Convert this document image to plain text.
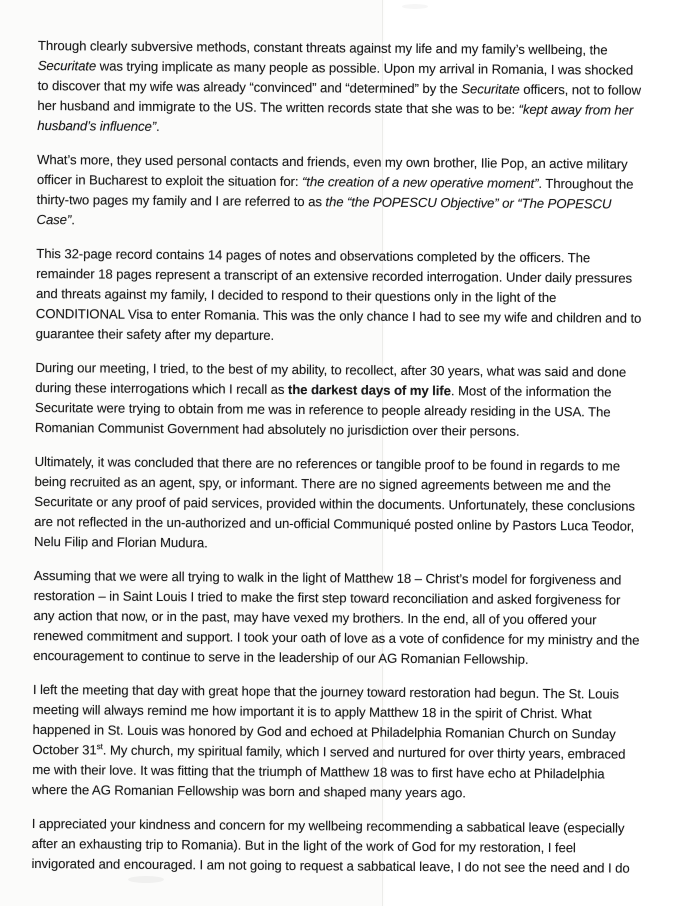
Through clearly subversive methods, constant threats against my life and my family’s wellbeing, the Securitate was trying implicate as many people as possible. Upon my arrival in Romania, I was shocked to discover that my wife was already “convinced” and “determined” by the Securitate officers, not to follow her husband and immigrate to the US. The written records state that she was to be: “kept away from her husband’s influence”.

What’s more, they used personal contacts and friends, even my own brother, Ilie Pop, an active military officer in Bucharest to exploit the situation for: “the creation of a new operative moment”. Throughout the thirty-two pages my family and I are referred to as the “the POPESCU Objective” or “The POPESCU Case”.

This 32-page record contains 14 pages of notes and observations completed by the officers. The remainder 18 pages represent a transcript of an extensive recorded interrogation. Under daily pressures and threats against my family, I decided to respond to their questions only in the light of the CONDITIONAL Visa to enter Romania. This was the only chance I had to see my wife and children and to guarantee their safety after my departure.

During our meeting, I tried, to the best of my ability, to recollect, after 30 years, what was said and done during these interrogations which I recall as the darkest days of my life. Most of the information the Securitate were trying to obtain from me was in reference to people already residing in the USA. The Romanian Communist Government had absolutely no jurisdiction over their persons.

Ultimately, it was concluded that there are no references or tangible proof to be found in regards to me being recruited as an agent, spy, or informant. There are no signed agreements between me and the Securitate or any proof of paid services, provided within the documents. Unfortunately, these conclusions are not reflected in the un-authorized and un-official Communiqué posted online by Pastors Luca Teodor, Nelu Filip and Florian Mudura.

Assuming that we were all trying to walk in the light of Matthew 18 – Christ’s model for forgiveness and restoration – in Saint Louis I tried to make the first step toward reconciliation and asked forgiveness for any action that now, or in the past, may have vexed my brothers. In the end, all of you offered your renewed commitment and support. I took your oath of love as a vote of confidence for my ministry and the encouragement to continue to serve in the leadership of our AG Romanian Fellowship.

I left the meeting that day with great hope that the journey toward restoration had begun. The St. Louis meeting will always remind me how important it is to apply Matthew 18 in the spirit of Christ. What happened in St. Louis was honored by God and echoed at Philadelphia Romanian Church on Sunday October 31st. My church, my spiritual family, which I served and nurtured for over thirty years, embraced me with their love. It was fitting that the triumph of Matthew 18 was to first have echo at Philadelphia where the AG Romanian Fellowship was born and shaped many years ago.

I appreciated your kindness and concern for my wellbeing recommending a sabbatical leave (especially after an exhausting trip to Romania). But in the light of the work of God for my restoration, I feel invigorated and encouraged. I am not going to request a sabbatical leave, I do not see the need and I do
